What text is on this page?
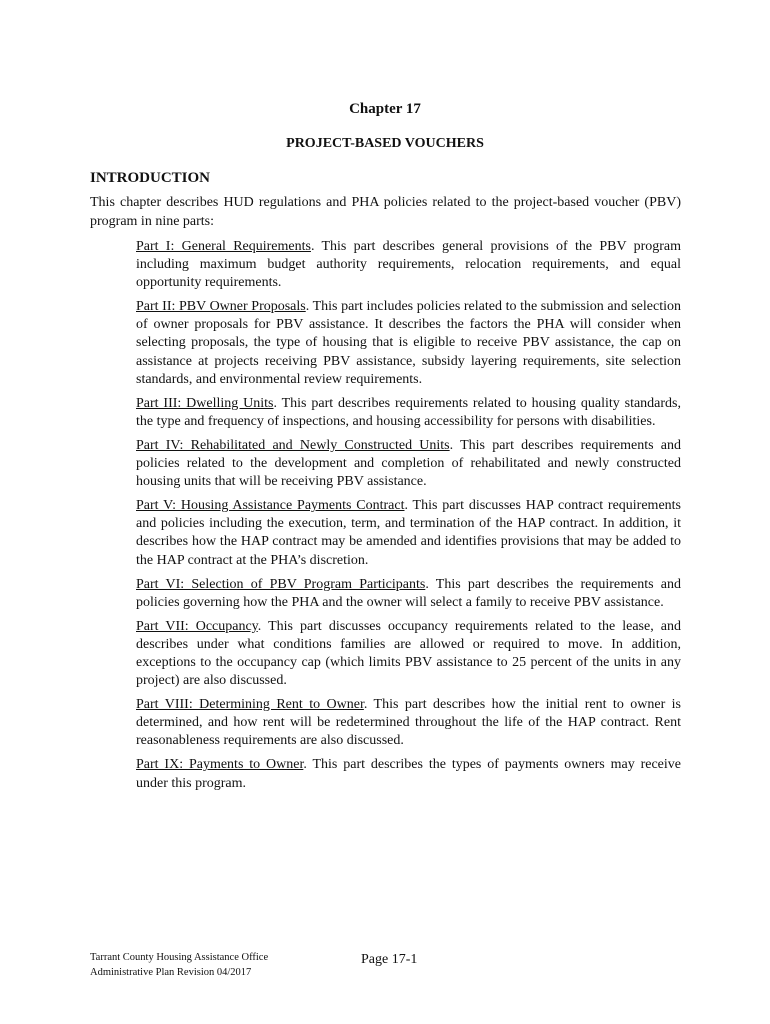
Chapter 17
PROJECT-BASED VOUCHERS
INTRODUCTION

This chapter describes HUD regulations and PHA policies related to the project-based voucher (PBV) program in nine parts:

Part I: General Requirements. This part describes general provisions of the PBV program including maximum budget authority requirements, relocation requirements, and equal opportunity requirements.

Part II: PBV Owner Proposals. This part includes policies related to the submission and selection of owner proposals for PBV assistance. It describes the factors the PHA will consider when selecting proposals, the type of housing that is eligible to receive PBV assistance, the cap on assistance at projects receiving PBV assistance, subsidy layering requirements, site selection standards, and environmental review requirements.

Part III: Dwelling Units. This part describes requirements related to housing quality standards, the type and frequency of inspections, and housing accessibility for persons with disabilities.

Part IV: Rehabilitated and Newly Constructed Units. This part describes requirements and policies related to the development and completion of rehabilitated and newly constructed housing units that will be receiving PBV assistance.

Part V: Housing Assistance Payments Contract. This part discusses HAP contract requirements and policies including the execution, term, and termination of the HAP contract. In addition, it describes how the HAP contract may be amended and identifies provisions that may be added to the HAP contract at the PHA’s discretion.

Part VI: Selection of PBV Program Participants. This part describes the requirements and policies governing how the PHA and the owner will select a family to receive PBV assistance.

Part VII: Occupancy. This part discusses occupancy requirements related to the lease, and describes under what conditions families are allowed or required to move. In addition, exceptions to the occupancy cap (which limits PBV assistance to 25 percent of the units in any project) are also discussed.

Part VIII: Determining Rent to Owner. This part describes how the initial rent to owner is determined, and how rent will be redetermined throughout the life of the HAP contract. Rent reasonableness requirements are also discussed.

Part IX: Payments to Owner. This part describes the types of payments owners may receive under this program.

Tarrant County Housing Assistance Office
Administrative Plan Revision 04/2017
Page 17-1
